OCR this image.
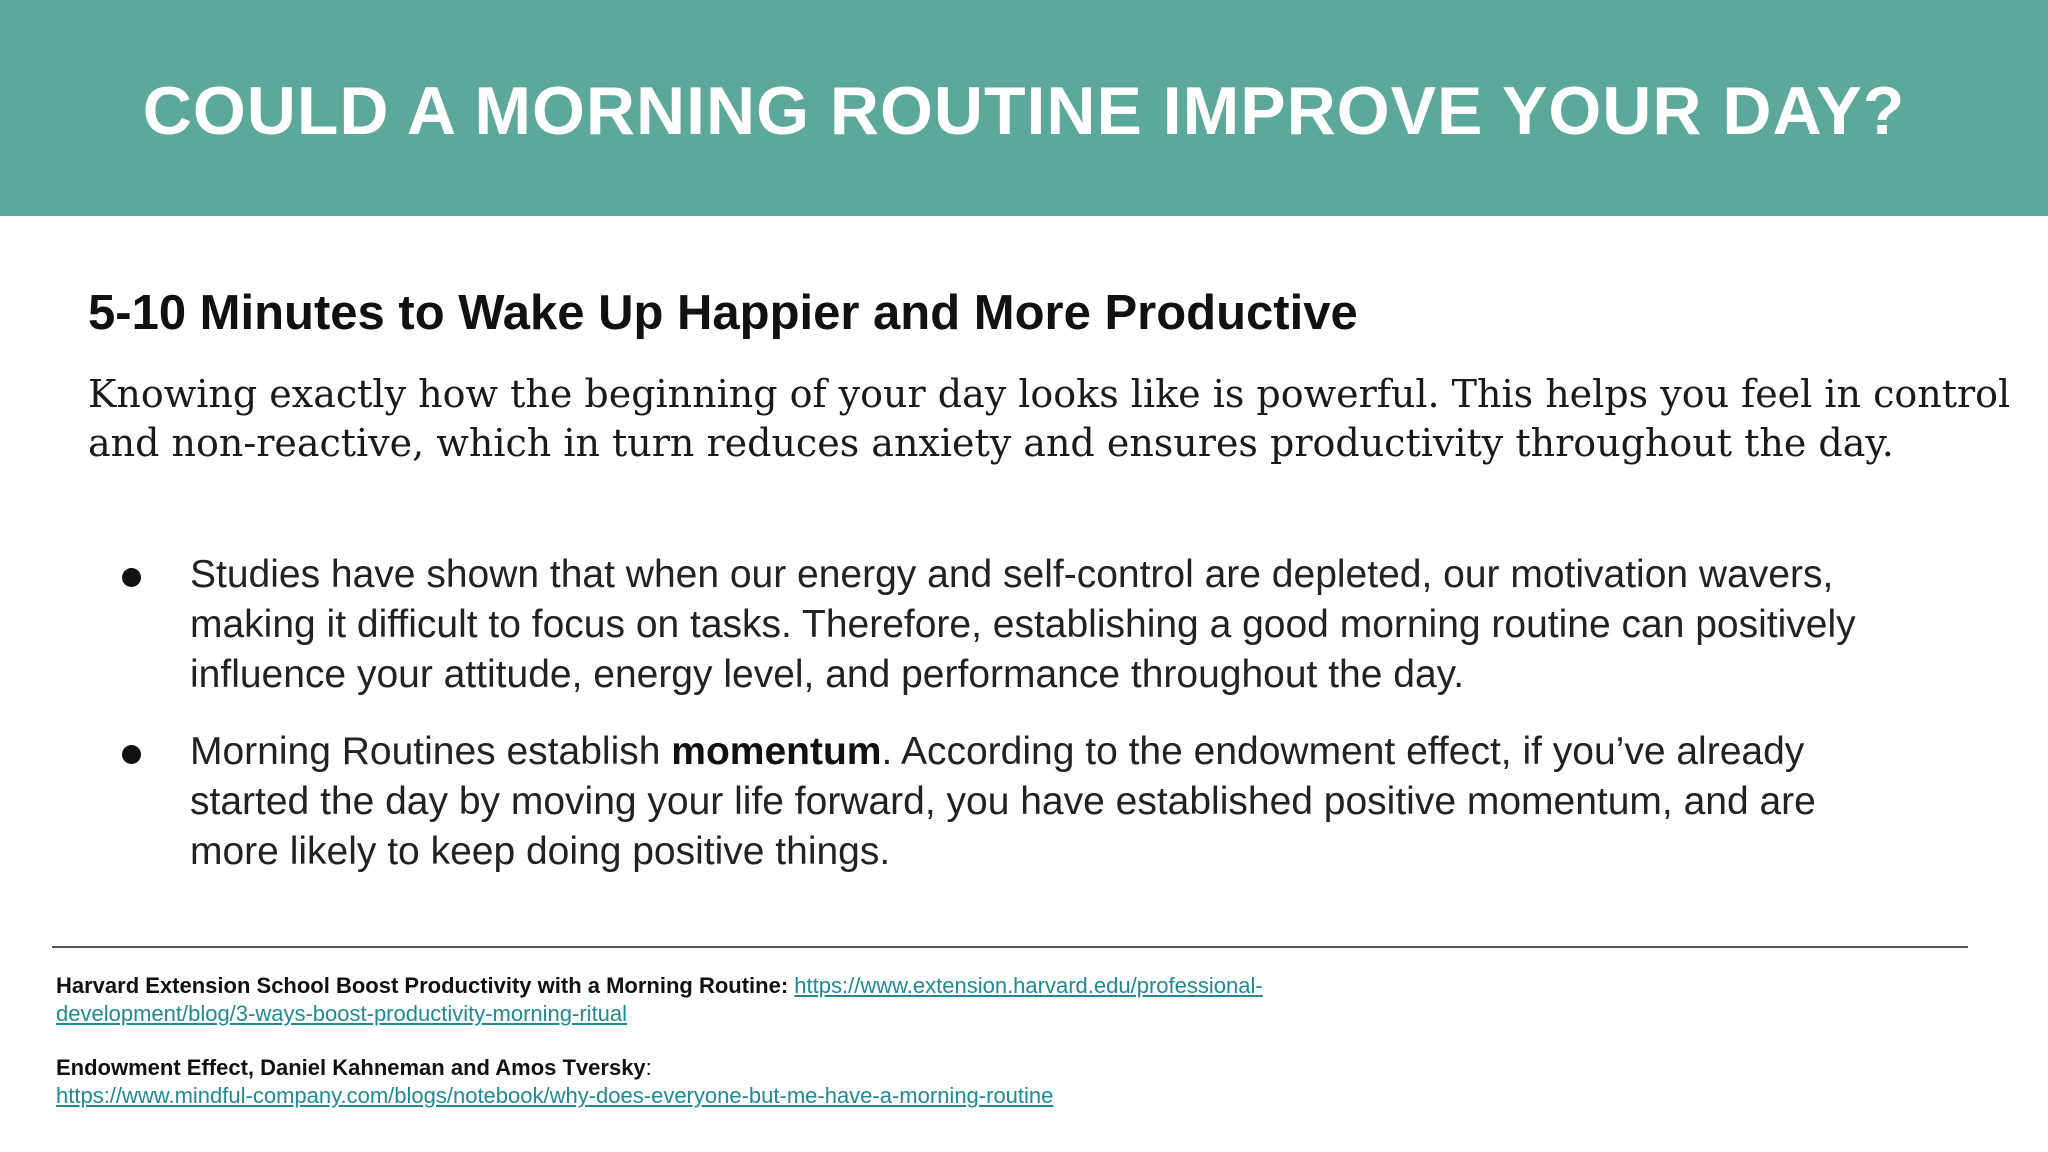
COULD A MORNING ROUTINE IMPROVE YOUR DAY?
5-10 Minutes to Wake Up Happier and More Productive

Knowing exactly how the beginning of your day looks like is powerful. This helps you feel in control
and non-reactive, which in turn reduces anxiety and ensures productivity throughout the day.

Studies have shown that when our energy and self-control are depleted, our motivation wavers,
making it difficult to focus on tasks. Therefore, establishing a good morning routine can positively
influence your attitude, energy level, and performance throughout the day.
Morning Routines establish momentum. According to the endowment effect, if you’ve already
started the day by moving your life forward, you have established positive momentum, and are
more likely to keep doing positive things.
Harvard Extension School Boost Productivity with a Morning Routine: https://www.extension.harvard.edu/professional-
development/blog/3-ways-boost-productivity-morning-ritual
Endowment Effect, Daniel Kahneman and Amos Tversky:
https://www.mindful-company.com/blogs/notebook/why-does-everyone-but-me-have-a-morning-routine
